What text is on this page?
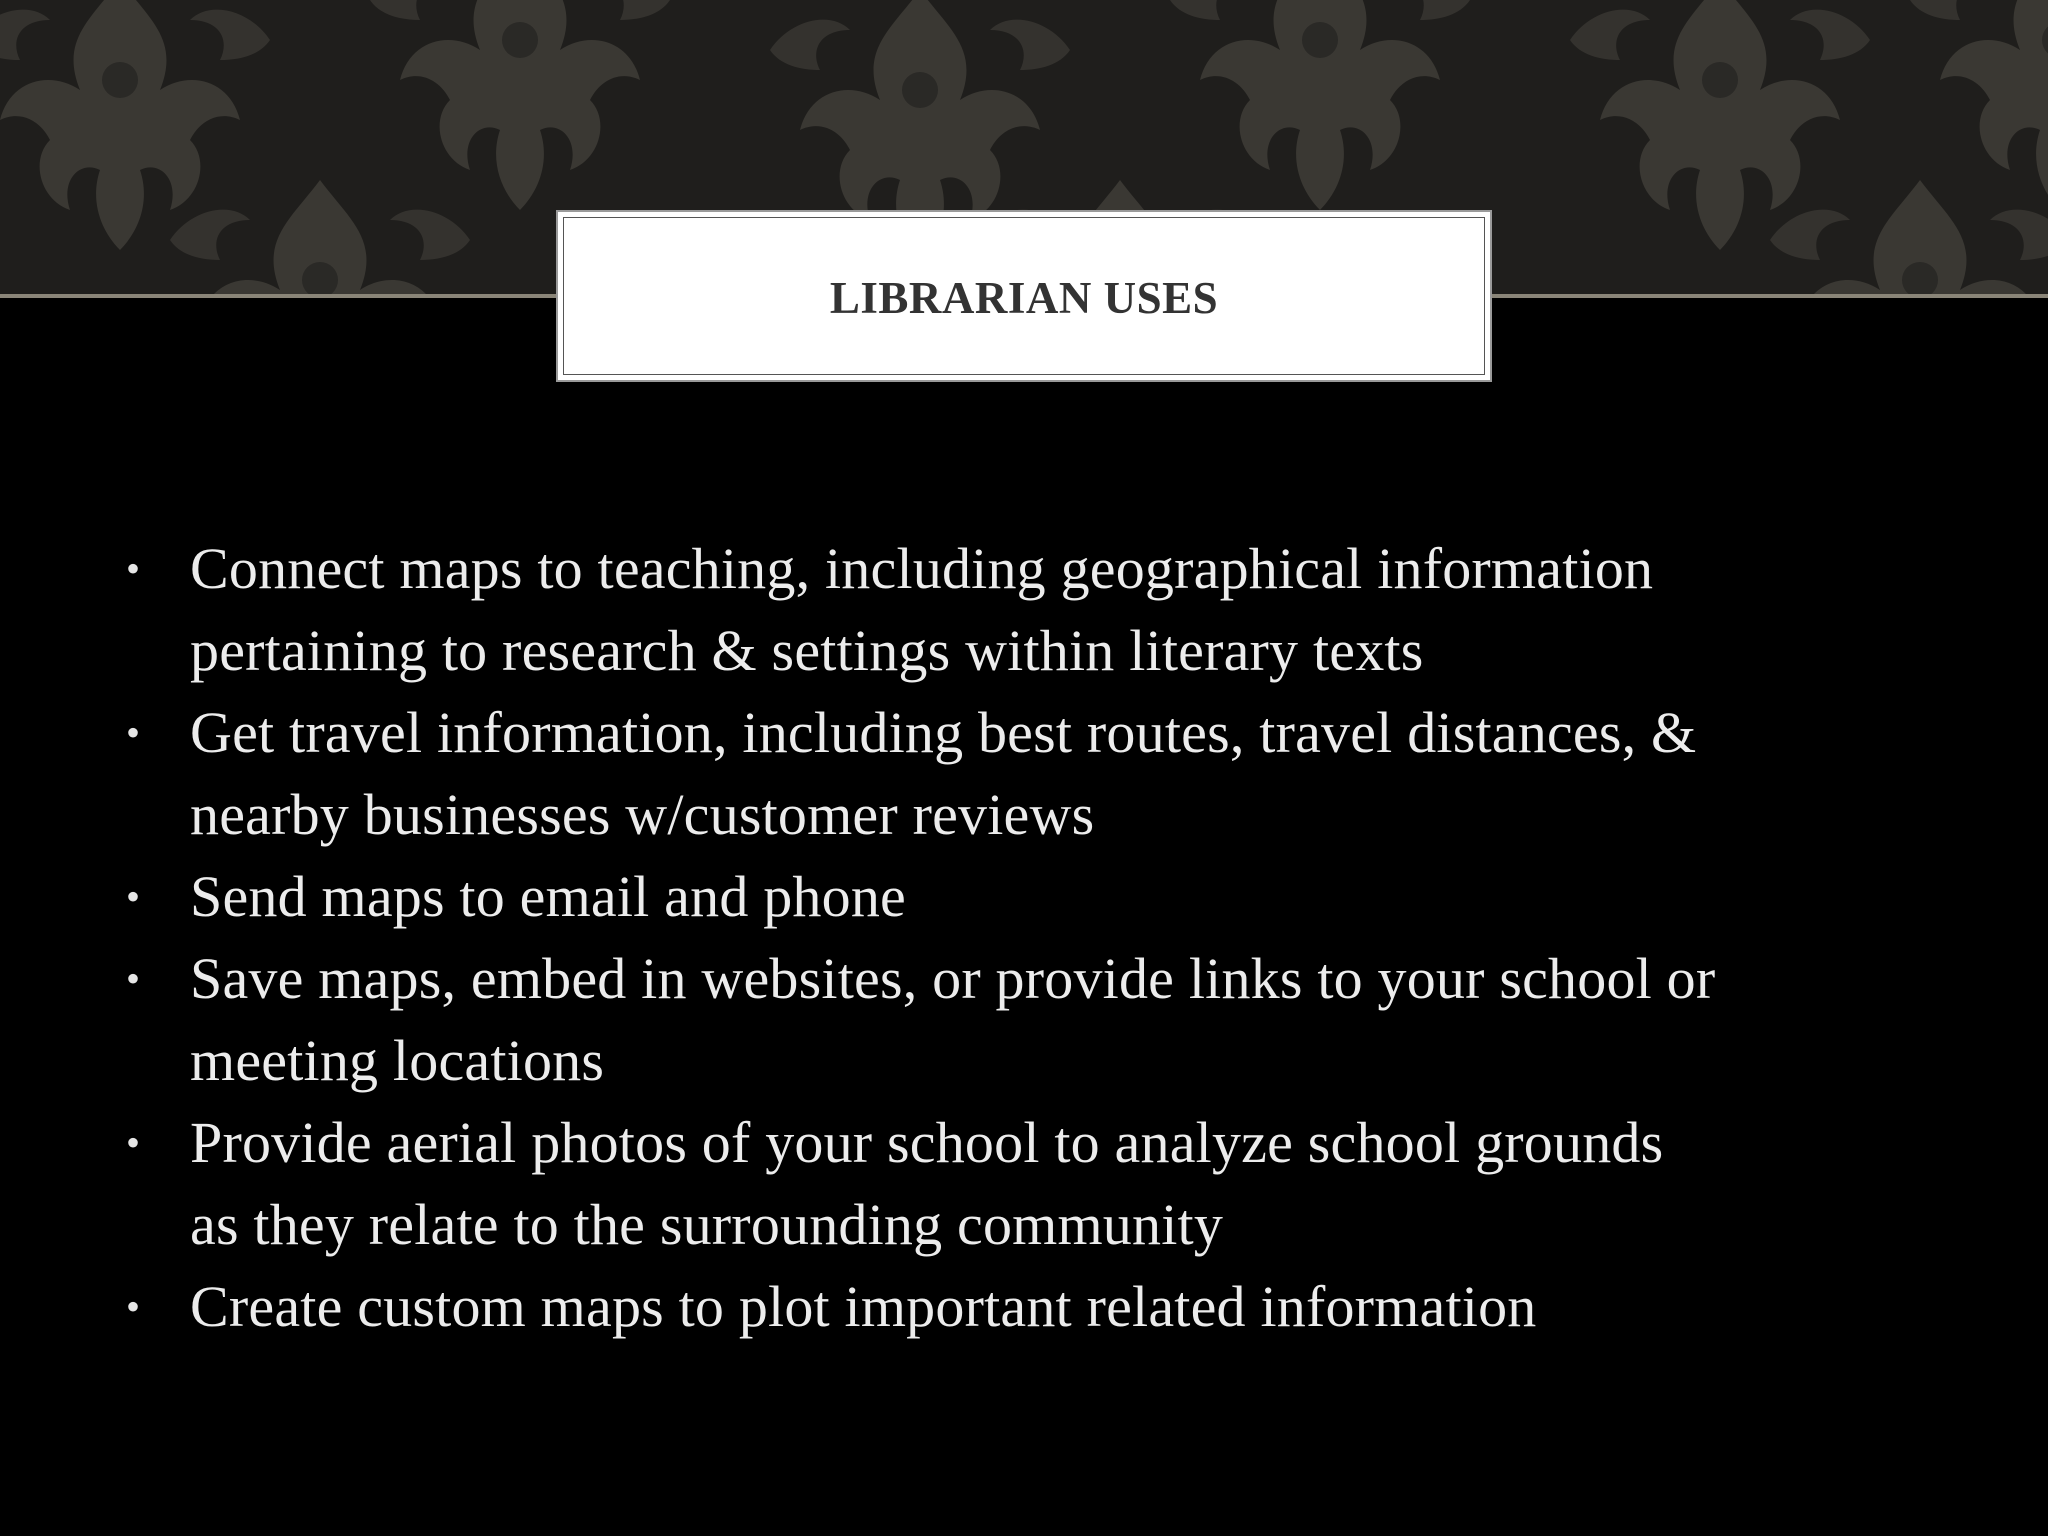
LIBRARIAN USES
• Connect maps to teaching, including geographical information
pertaining to research & settings within literary texts
• Get travel information, including best routes, travel distances, &
nearby businesses w/customer reviews
• Send maps to email and phone
• Save maps, embed in websites, or provide links to your school or
meeting locations
• Provide aerial photos of your school to analyze school grounds
as they relate to the surrounding community
• Create custom maps to plot important related information
